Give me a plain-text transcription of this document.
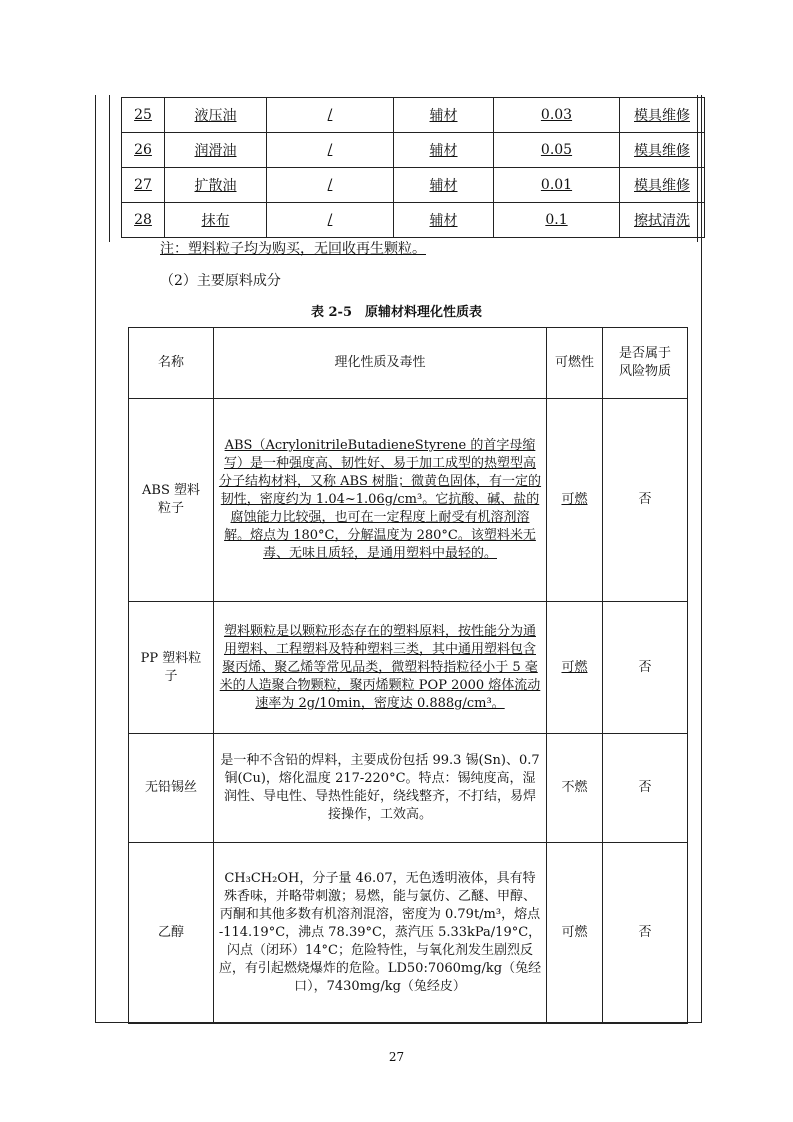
25	液压油	/	辅材	0.03	模具维修
26	润滑油	/	辅材	0.05	模具维修
27	扩散油	/	辅材	0.01	模具维修
28	抹布	/	辅材	0.1	擦拭清洗
注：塑料粒子均为购买，无回收再生颗粒。
（2）主要原料成分
表 2-5　原辅材料理化性质表
名称	理化性质及毒性	可燃性	是否属于风险物质
ABS 塑料粒子	ABS（AcrylonitrileButadieneStyrene 的首字母缩写）是一种强度高、韧性好、易于加工成型的热塑型高分子结构材料，又称 ABS 树脂；微黄色固体，有一定的韧性，密度约为 1.04~1.06g/cm³。它抗酸、碱、盐的腐蚀能力比较强，也可在一定程度上耐受有机溶剂溶解。熔点为 180°C，分解温度为 280°C。该塑料米无毒、无味且质轻，是通用塑料中最轻的。	可燃	否
PP 塑料粒子	塑料颗粒是以颗粒形态存在的塑料原料，按性能分为通用塑料、工程塑料及特种塑料三类，其中通用塑料包含聚丙烯、聚乙烯等常见品类，微塑料特指粒径小于 5 毫米的人造聚合物颗粒，聚丙烯颗粒 POP 2000 熔体流动速率为 2g/10min，密度达 0.888g/cm³。	可燃	否
无铅锡丝	是一种不含铅的焊料，主要成份包括 99.3 锡(Sn)、0.7 铜(Cu)，熔化温度 217-220°C。特点：锡纯度高，湿润性、导电性、导热性能好，绕线整齐，不打结，易焊接操作，工效高。	不燃	否
乙醇	CH₃CH₂OH，分子量 46.07，无色透明液体，具有特殊香味，并略带刺激；易燃，能与氯仿、乙醚、甲醇、丙酮和其他多数有机溶剂混溶，密度为 0.79t/m³，熔点 -114.19°C，沸点 78.39°C，蒸汽压 5.33kPa/19°C，闪点（闭环）14°C；危险特性，与氧化剂发生剧烈反应，有引起燃烧爆炸的危险。LD50:7060mg/kg（兔经口），7430mg/kg（兔经皮）	可燃	否
27
